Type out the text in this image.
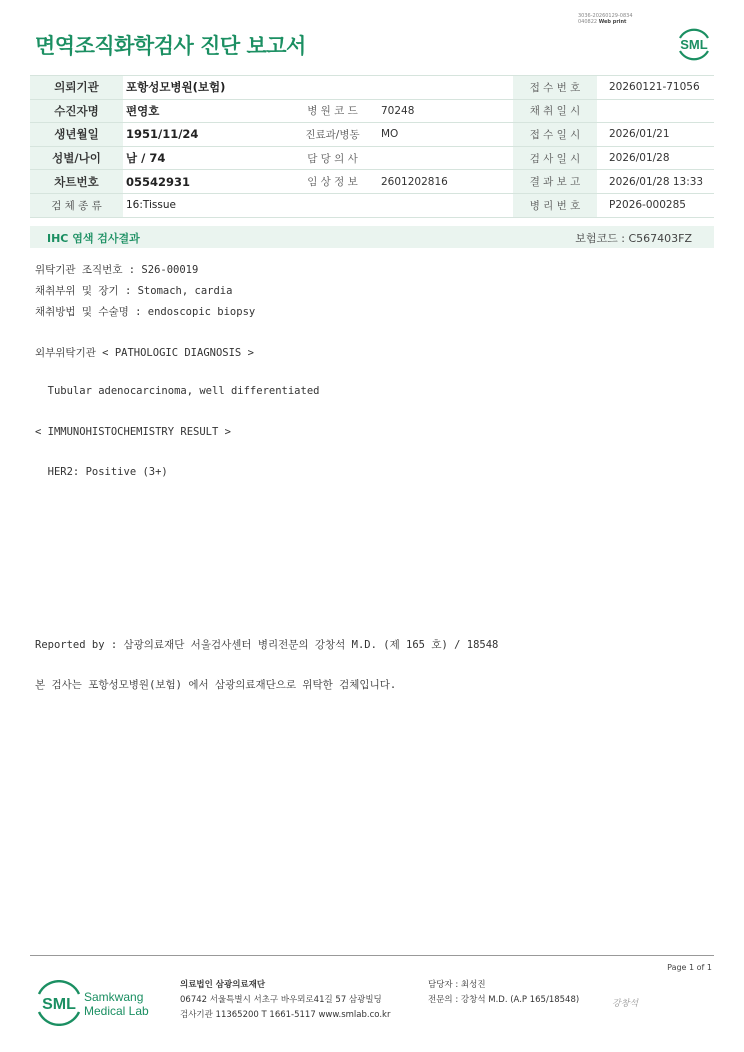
3036-20260129-0834
040822 Web print
면역조직화학검사 진단 보고서	SML
의뢰기관	포항성모병원(보험)			접 수 번 호	20260121-71056
수진자명	편영호	병 원 코 드	70248	채 취 일 시	
생년월일	1951/11/24	진료과/병동	MO	접 수 일 시	2026/01/21
성별/나이	남 / 74	담 당 의 사		검 사 일 시	2026/01/28
차트번호	05542931	임 상 정 보	2601202816	결 과 보 고	2026/01/28 13:33
검 체 종 류	16:Tissue			병 리 번 호	P2026-000285
IHC 염색 검사결과	보험코드 : C567403FZ
위탁기관 조직번호 : S26-00019
채취부위 및 장기 : Stomach, cardia
채취방법 및 수술명 : endoscopic biopsy
외부위탁기관 < PATHOLOGIC DIAGNOSIS >
Tubular adenocarcinoma, well differentiated
< IMMUNOHISTOCHEMISTRY RESULT >
HER2: Positive (3+)
Reported by : 삼광의료재단 서울검사센터 병리전문의 강창석 M.D. (제 165 호) / 18548
본 검사는 포항성모병원(보험) 에서 삼광의료재단으로 위탁한 검체입니다.
Page 1 of 1
SML Samkwang
Medical Lab
의료법인 삼광의료재단
06742 서울특별시 서초구 바우뫼로41길 57 삼광빌딩
검사기관 11365200 T 1661-5117 www.smlab.co.kr
담당자 : 최성진
전문의 : 강창석 M.D. (A.P 165/18548)	강창석
